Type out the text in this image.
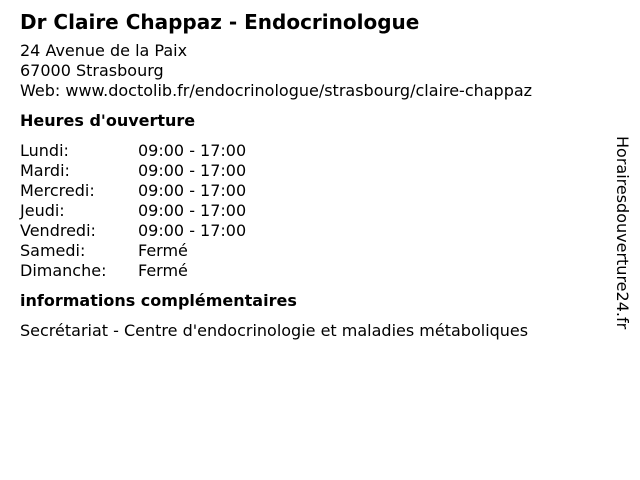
Dr Claire Chappaz - Endocrinologue
24 Avenue de la Paix
67000 Strasbourg
Web: www.doctolib.fr/endocrinologue/strasbourg/claire-chappaz
Heures d'ouverture
Lundi:	09:00 - 17:00
Mardi:	09:00 - 17:00
Mercredi:	09:00 - 17:00
Jeudi:	09:00 - 17:00
Vendredi:	09:00 - 17:00
Samedi:	Fermé
Dimanche:	Fermé
informations complémentaires
Secrétariat - Centre d'endocrinologie et maladies métaboliques
Horairesdouverture24.fr
